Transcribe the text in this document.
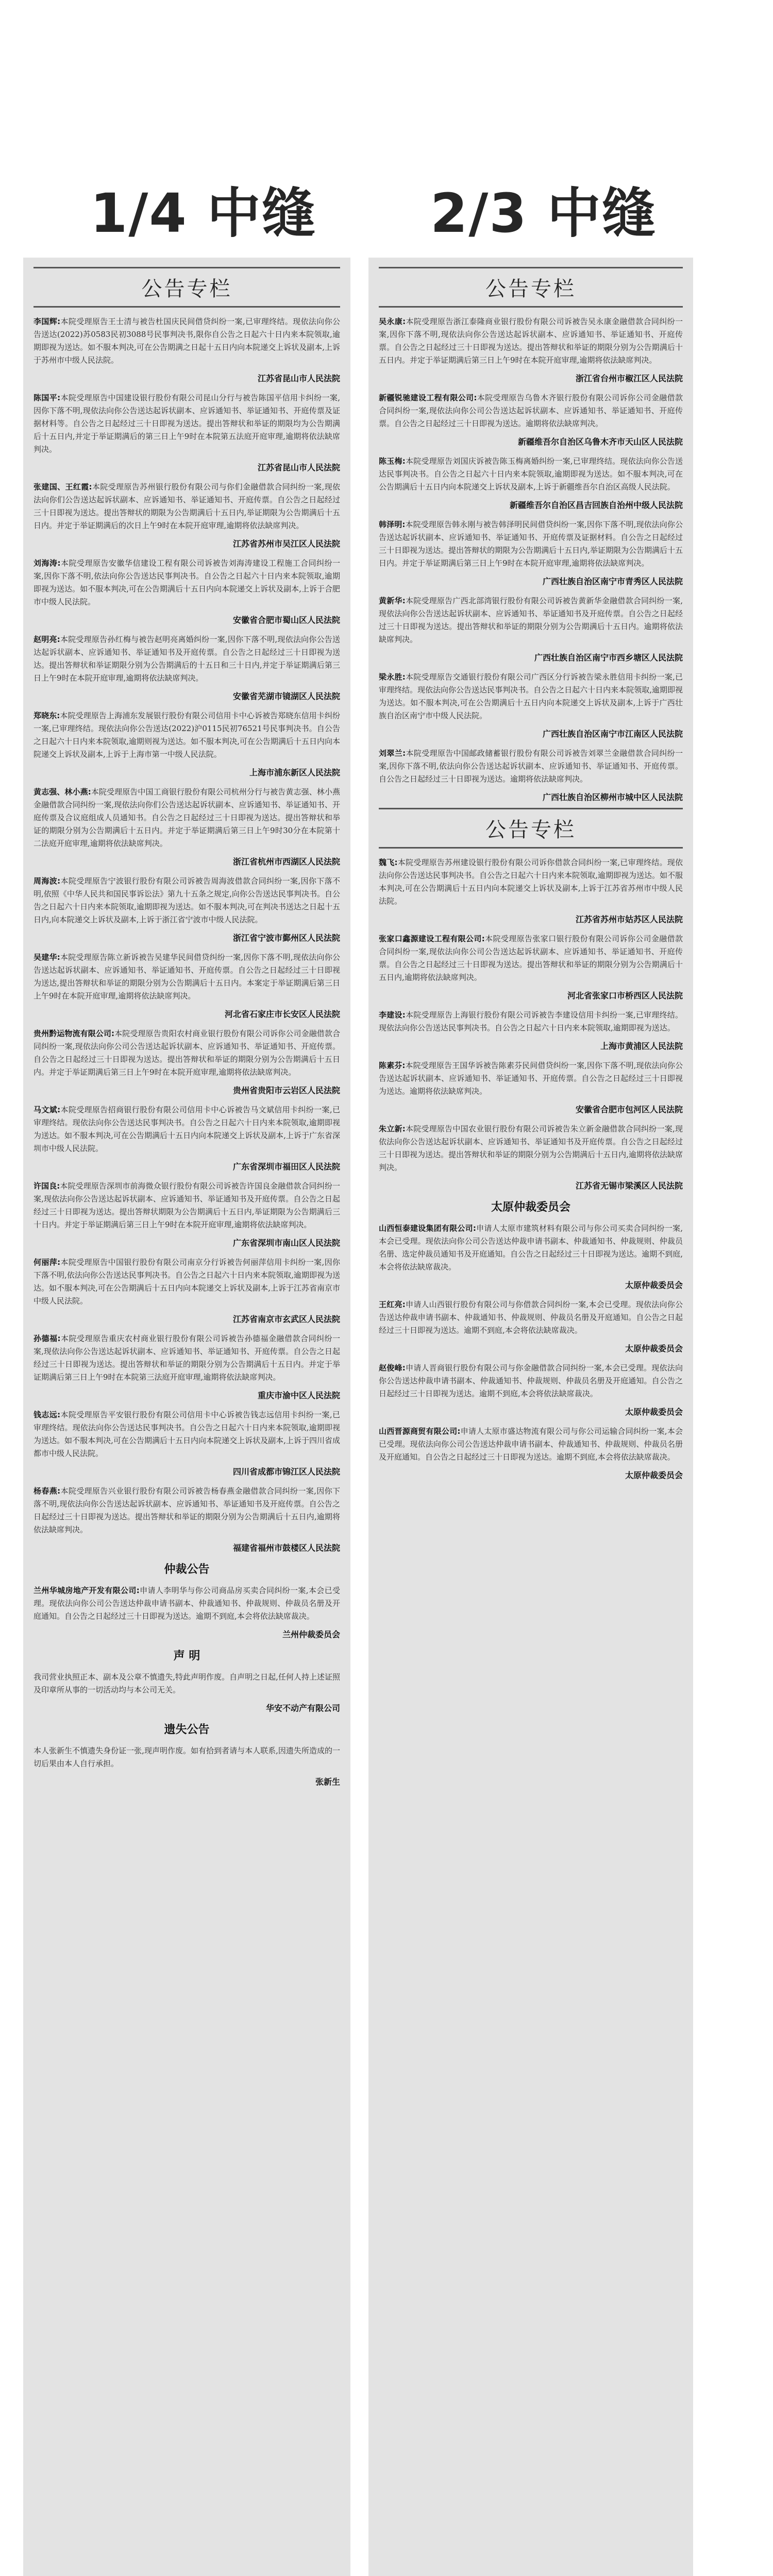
1/4 中缝 2/3 中缝
公告专栏

李国辉:本院受理原告王士清与被告杜国庆民间借贷纠纷一案,已审理终结。现依法向你公告送达(2022)苏0583民初3088号民事判决书,限你自公告之日起六十日内来本院领取,逾期即视为送达。如不服本判决,可在公告期满之日起十五日内向本院递交上诉状及副本,上诉于苏州市中级人民法院。

江苏省昆山市人民法院

陈国平:本院受理原告中国建设银行股份有限公司昆山分行与被告陈国平信用卡纠纷一案,因你下落不明,现依法向你公告送达起诉状副本、应诉通知书、举证通知书、开庭传票及证据材料等。自公告之日起经过三十日即视为送达。提出答辩状和举证的期限均为公告期满后十五日内,并定于举证期满后的第三日上午9时在本院第五法庭开庭审理,逾期将依法缺席判决。

江苏省昆山市人民法院

张建国、王红霞:本院受理原告苏州银行股份有限公司与你们金融借款合同纠纷一案,现依法向你们公告送达起诉状副本、应诉通知书、举证通知书、开庭传票。自公告之日起经过三十日即视为送达。提出答辩状的期限为公告期满后十五日内,举证期限为公告期满后十五日内。并定于举证期满后的次日上午9时在本院开庭审理,逾期将依法缺席判决。

江苏省苏州市吴江区人民法院

刘海涛:本院受理原告安徽华信建设工程有限公司诉被告刘海涛建设工程施工合同纠纷一案,因你下落不明,依法向你公告送达民事判决书。自公告之日起六十日内来本院领取,逾期即视为送达。如不服本判决,可在公告期满后十五日内向本院递交上诉状及副本,上诉于合肥市中级人民法院。

安徽省合肥市蜀山区人民法院

赵明亮:本院受理原告孙红梅与被告赵明亮离婚纠纷一案,因你下落不明,现依法向你公告送达起诉状副本、应诉通知书、举证通知书及开庭传票。自公告之日起经过三十日即视为送达。提出答辩状和举证期限分别为公告期满后的十五日和三十日内,并定于举证期满后第三日上午9时在本院开庭审理,逾期将依法缺席判决。

安徽省芜湖市镜湖区人民法院

郑晓东:本院受理原告上海浦东发展银行股份有限公司信用卡中心诉被告郑晓东信用卡纠纷一案,已审理终结。现依法向你公告送达(2022)沪0115民初76521号民事判决书。自公告之日起六十日内来本院领取,逾期则视为送达。如不服本判决,可在公告期满后十五日内向本院递交上诉状及副本,上诉于上海市第一中级人民法院。

上海市浦东新区人民法院

黄志强、林小燕:本院受理原告中国工商银行股份有限公司杭州分行与被告黄志强、林小燕金融借款合同纠纷一案,现依法向你们公告送达起诉状副本、应诉通知书、举证通知书、开庭传票及合议庭组成人员通知书。自公告之日起经过三十日即视为送达。提出答辩状和举证的期限分别为公告期满后十五日内。并定于举证期满后第三日上午9时30分在本院第十二法庭开庭审理,逾期将依法缺席判决。

浙江省杭州市西湖区人民法院

周海波:本院受理原告宁波银行股份有限公司诉被告周海波借款合同纠纷一案,因你下落不明,依照《中华人民共和国民事诉讼法》第九十五条之规定,向你公告送达民事判决书。自公告之日起六十日内来本院领取,逾期即视为送达。如不服本判决,可在判决书送达之日起十五日内,向本院递交上诉状及副本,上诉于浙江省宁波市中级人民法院。

浙江省宁波市鄞州区人民法院

吴建华:本院受理原告陈立新诉被告吴建华民间借贷纠纷一案,因你下落不明,现依法向你公告送达起诉状副本、应诉通知书、举证通知书、开庭传票。自公告之日起经过三十日即视为送达,提出答辩状和举证的期限分别为公告期满后十五日内。本案定于举证期满后第三日上午9时在本院开庭审理,逾期将依法缺席判决。

河北省石家庄市长安区人民法院

贵州黔运物流有限公司:本院受理原告贵阳农村商业银行股份有限公司诉你公司金融借款合同纠纷一案,现依法向你公司公告送达起诉状副本、应诉通知书、举证通知书、开庭传票。自公告之日起经过三十日即视为送达。提出答辩状和举证的期限分别为公告期满后十五日内。并定于举证期满后第三日上午9时在本院开庭审理,逾期将依法缺席判决。

贵州省贵阳市云岩区人民法院

马文斌:本院受理原告招商银行股份有限公司信用卡中心诉被告马文斌信用卡纠纷一案,已审理终结。现依法向你公告送达民事判决书。自公告之日起六十日内来本院领取,逾期即视为送达。如不服本判决,可在公告期满后十五日内向本院递交上诉状及副本,上诉于广东省深圳市中级人民法院。

广东省深圳市福田区人民法院

许国良:本院受理原告深圳市前海微众银行股份有限公司诉被告许国良金融借款合同纠纷一案,现依法向你公告送达起诉状副本、应诉通知书、举证通知书及开庭传票。自公告之日起经过三十日即视为送达。提出答辩状期限为公告期满后十五日内,举证期限为公告期满后三十日内。并定于举证期满后第三日上午9时在本院开庭审理,逾期将依法缺席判决。

广东省深圳市南山区人民法院

何丽萍:本院受理原告中国银行股份有限公司南京分行诉被告何丽萍信用卡纠纷一案,因你下落不明,依法向你公告送达民事判决书。自公告之日起六十日内来本院领取,逾期即视为送达。如不服本判决,可在公告期满后十五日内向本院递交上诉状及副本,上诉于江苏省南京市中级人民法院。

江苏省南京市玄武区人民法院

孙德福:本院受理原告重庆农村商业银行股份有限公司诉被告孙德福金融借款合同纠纷一案,现依法向你公告送达起诉状副本、应诉通知书、举证通知书、开庭传票。自公告之日起经过三十日即视为送达。提出答辩状和举证的期限分别为公告期满后十五日内。并定于举证期满后第三日上午9时在本院第三法庭开庭审理,逾期将依法缺席判决。

重庆市渝中区人民法院

钱志远:本院受理原告平安银行股份有限公司信用卡中心诉被告钱志远信用卡纠纷一案,已审理终结。现依法向你公告送达民事判决书。自公告之日起六十日内来本院领取,逾期即视为送达。如不服本判决,可在公告期满后十五日内向本院递交上诉状及副本,上诉于四川省成都市中级人民法院。

四川省成都市锦江区人民法院

杨春燕:本院受理原告兴业银行股份有限公司诉被告杨春燕金融借款合同纠纷一案,因你下落不明,现依法向你公告送达起诉状副本、应诉通知书、举证通知书及开庭传票。自公告之日起经过三十日即视为送达。提出答辩状和举证的期限分别为公告期满后十五日内,逾期将依法缺席判决。

福建省福州市鼓楼区人民法院
仲裁公告

兰州华城房地产开发有限公司:申请人李明华与你公司商品房买卖合同纠纷一案,本会已受理。现依法向你公司公告送达仲裁申请书副本、仲裁通知书、仲裁规则、仲裁员名册及开庭通知。自公告之日起经过三十日即视为送达。逾期不到庭,本会将依法缺席裁决。

兰州仲裁委员会
声 明

我司营业执照正本、副本及公章不慎遗失,特此声明作废。自声明之日起,任何人持上述证照及印章所从事的一切活动均与本公司无关。

华安不动产有限公司
遗失公告

本人张新生不慎遗失身份证一张,现声明作废。如有拾到者请与本人联系,因遗失所造成的一切后果由本人自行承担。

张新生
公告专栏

吴永康:本院受理原告浙江泰隆商业银行股份有限公司诉被告吴永康金融借款合同纠纷一案,因你下落不明,现依法向你公告送达起诉状副本、应诉通知书、举证通知书、开庭传票。自公告之日起经过三十日即视为送达。提出答辩状和举证的期限分别为公告期满后十五日内。并定于举证期满后第三日上午9时在本院开庭审理,逾期将依法缺席判决。

浙江省台州市椒江区人民法院

新疆锐驰建设工程有限公司:本院受理原告乌鲁木齐银行股份有限公司诉你公司金融借款合同纠纷一案,现依法向你公司公告送达起诉状副本、应诉通知书、举证通知书、开庭传票。自公告之日起经过三十日即视为送达。逾期将依法缺席判决。

新疆维吾尔自治区乌鲁木齐市天山区人民法院

陈玉梅:本院受理原告刘国庆诉被告陈玉梅离婚纠纷一案,已审理终结。现依法向你公告送达民事判决书。自公告之日起六十日内来本院领取,逾期即视为送达。如不服本判决,可在公告期满后十五日内向本院递交上诉状及副本,上诉于新疆维吾尔自治区高级人民法院。

新疆维吾尔自治区昌吉回族自治州中级人民法院

韩泽明:本院受理原告韩永刚与被告韩泽明民间借贷纠纷一案,因你下落不明,现依法向你公告送达起诉状副本、应诉通知书、举证通知书、开庭传票及证据材料。自公告之日起经过三十日即视为送达。提出答辩状的期限为公告期满后十五日内,举证期限为公告期满后十五日内。并定于举证期满后第三日上午9时在本院开庭审理,逾期将依法缺席判决。

广西壮族自治区南宁市青秀区人民法院

黄新华:本院受理原告广西北部湾银行股份有限公司诉被告黄新华金融借款合同纠纷一案,现依法向你公告送达起诉状副本、应诉通知书、举证通知书及开庭传票。自公告之日起经过三十日即视为送达。提出答辩状和举证的期限分别为公告期满后十五日内。逾期将依法缺席判决。

广西壮族自治区南宁市西乡塘区人民法院

梁永胜:本院受理原告交通银行股份有限公司广西区分行诉被告梁永胜信用卡纠纷一案,已审理终结。现依法向你公告送达民事判决书。自公告之日起六十日内来本院领取,逾期即视为送达。如不服本判决,可在公告期满后十五日内向本院递交上诉状及副本,上诉于广西壮族自治区南宁市中级人民法院。

广西壮族自治区南宁市江南区人民法院

刘翠兰:本院受理原告中国邮政储蓄银行股份有限公司诉被告刘翠兰金融借款合同纠纷一案,因你下落不明,依法向你公告送达起诉状副本、应诉通知书、举证通知书、开庭传票。自公告之日起经过三十日即视为送达。逾期将依法缺席判决。

广西壮族自治区柳州市城中区人民法院
公告专栏

魏飞:本院受理原告苏州建设银行股份有限公司诉你借款合同纠纷一案,已审理终结。现依法向你公告送达民事判决书。自公告之日起六十日内来本院领取,逾期即视为送达。如不服本判决,可在公告期满后十五日内向本院递交上诉状及副本,上诉于江苏省苏州市中级人民法院。

江苏省苏州市姑苏区人民法院

张家口鑫源建设工程有限公司:本院受理原告张家口银行股份有限公司诉你公司金融借款合同纠纷一案,现依法向你公司公告送达起诉状副本、应诉通知书、举证通知书、开庭传票。自公告之日起经过三十日即视为送达。提出答辩状和举证的期限分别为公告期满后十五日内,逾期将依法缺席判决。

河北省张家口市桥西区人民法院

李建设:本院受理原告上海银行股份有限公司诉被告李建设信用卡纠纷一案,已审理终结。现依法向你公告送达民事判决书。自公告之日起六十日内来本院领取,逾期即视为送达。

上海市黄浦区人民法院

陈素芬:本院受理原告王国华诉被告陈素芬民间借贷纠纷一案,因你下落不明,现依法向你公告送达起诉状副本、应诉通知书、举证通知书、开庭传票。自公告之日起经过三十日即视为送达。逾期将依法缺席判决。

安徽省合肥市包河区人民法院

朱立新:本院受理原告中国农业银行股份有限公司诉被告朱立新金融借款合同纠纷一案,现依法向你公告送达起诉状副本、应诉通知书、举证通知书及开庭传票。自公告之日起经过三十日即视为送达。提出答辩状和举证的期限分别为公告期满后十五日内,逾期将依法缺席判决。

江苏省无锡市梁溪区人民法院
太原仲裁委员会

山西恒泰建设集团有限公司:申请人太原市建筑材料有限公司与你公司买卖合同纠纷一案,本会已受理。现依法向你公司公告送达仲裁申请书副本、仲裁通知书、仲裁规则、仲裁员名册、选定仲裁员通知书及开庭通知。自公告之日起经过三十日即视为送达。逾期不到庭,本会将依法缺席裁决。

太原仲裁委员会

王红亮:申请人山西银行股份有限公司与你借款合同纠纷一案,本会已受理。现依法向你公告送达仲裁申请书副本、仲裁通知书、仲裁规则、仲裁员名册及开庭通知。自公告之日起经过三十日即视为送达。逾期不到庭,本会将依法缺席裁决。

太原仲裁委员会

赵俊峰:申请人晋商银行股份有限公司与你金融借款合同纠纷一案,本会已受理。现依法向你公告送达仲裁申请书副本、仲裁通知书、仲裁规则、仲裁员名册及开庭通知。自公告之日起经过三十日即视为送达。逾期不到庭,本会将依法缺席裁决。

太原仲裁委员会

山西晋源商贸有限公司:申请人太原市盛达物流有限公司与你公司运输合同纠纷一案,本会已受理。现依法向你公司公告送达仲裁申请书副本、仲裁通知书、仲裁规则、仲裁员名册及开庭通知。自公告之日起经过三十日即视为送达。逾期不到庭,本会将依法缺席裁决。

太原仲裁委员会
